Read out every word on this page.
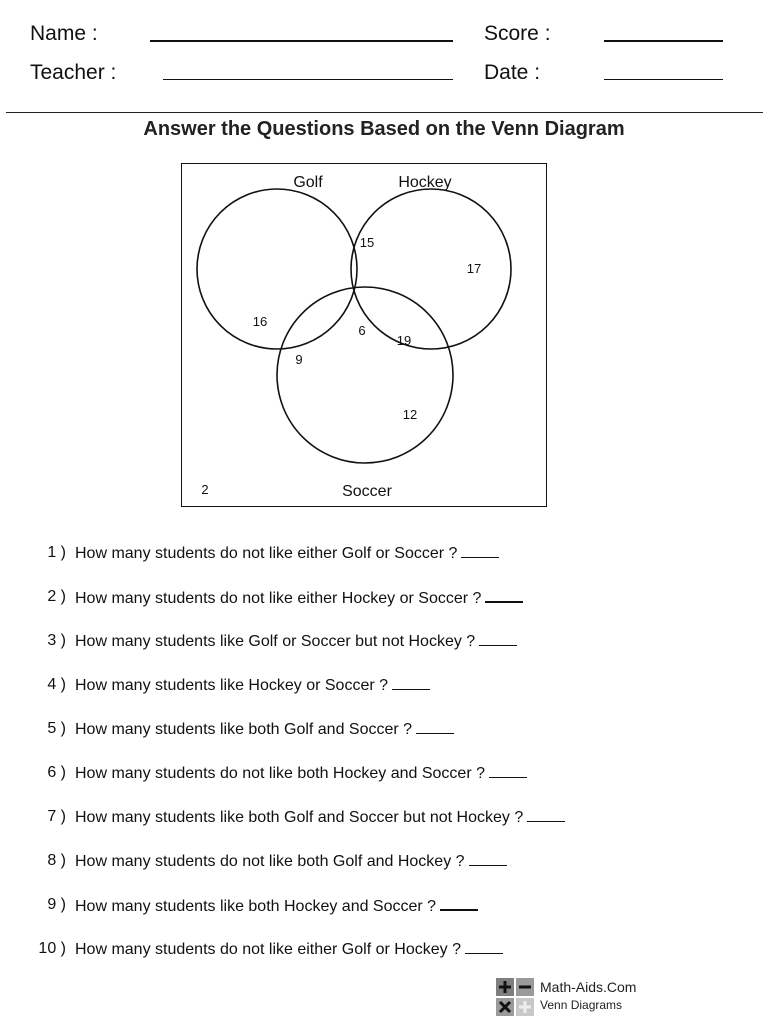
Name :
Teacher :
Score :
Date :
Answer the Questions Based on the Venn Diagram
Golf	Hockey
Soccer
16
17
12
15
9
19
6
2
1 ) How many students do not like either Golf or Soccer ?
2 ) How many students do not like either Hockey or Soccer ?
3 ) How many students like Golf or Soccer but not Hockey ?
4 ) How many students like Hockey or Soccer ?
5 ) How many students like both Golf and Soccer ?
6 ) How many students do not like both Hockey and Soccer ?
7 ) How many students like both Golf and Soccer but not Hockey ?
8 ) How many students do not like both Golf and Hockey ?
9 ) How many students like both Hockey and Soccer ?
10 ) How many students do not like either Golf or Hockey ?
Math-Aids.Com
Venn Diagrams
